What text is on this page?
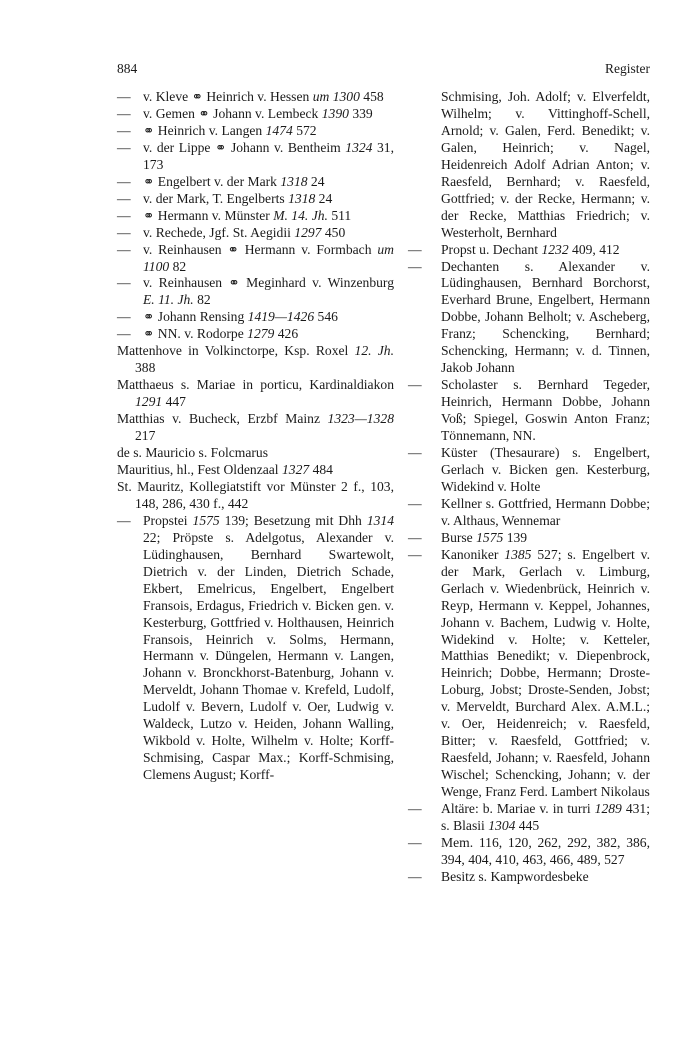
884	Register
— v. Kleve ⚭ Heinrich v. Hessen um 1300 458
— v. Gemen ⚭ Johann v. Lembeck 1390 339
— ⚭ Heinrich v. Langen 1474 572
— v. der Lippe ⚭ Johann v. Bentheim 1324 31, 173
— ⚭ Engelbert v. der Mark 1318 24
— v. der Mark, T. Engelberts 1318 24
— ⚭ Hermann v. Münster M. 14. Jh. 511
— v. Rechede, Jgf. St. Aegidii 1297 450
— v. Reinhausen ⚭ Hermann v. Formbach um 1100 82
— v. Reinhausen ⚭ Meginhard v. Winzenburg E. 11. Jh. 82
— ⚭ Johann Rensing 1419—1426 546
— ⚭ NN. v. Rodorpe 1279 426
Mattenhove in Volkinctorpe, Ksp. Roxel 12. Jh. 388
Matthaeus s. Mariae in porticu, Kardinaldiakon 1291 447
Matthias v. Bucheck, Erzbf Mainz 1323—1328 217
de s. Mauricio s. Folcmarus
Mauritius, hl., Fest Oldenzaal 1327 484
St. Mauritz, Kollegiatstift vor Münster 2 f., 103, 148, 286, 430 f., 442
— Propstei 1575 139; Besetzung mit Dhh 1314 22; Pröpste s. Adelgotus, Alexander v. Lüdinghausen, Bernhard Swartewolt, Dietrich v. der Linden, Dietrich Schade, Ekbert, Emelricus, Engelbert, Engelbert Fransois, Erdagus, Friedrich v. Bicken gen. v. Kesterburg, Gottfried v. Holthausen, Heinrich Fransois, Heinrich v. Solms, Hermann, Hermann v. Düngelen, Hermann v. Langen, Johann v. Bronckhorst-Batenburg, Johann v. Merveldt, Johann Thomae v. Krefeld, Ludolf, Ludolf v. Bevern, Ludolf v. Oer, Ludwig v. Waldeck, Lutzo v. Heiden, Johann Walling, Wikbold v. Holte, Wilhelm v. Holte; Korff-Schmising, Caspar Max.; Korff-Schmising, Clemens August; Korff-
Schmising, Joh. Adolf; v. Elverfeldt, Wilhelm; v. Vittinghoff-Schell, Arnold; v. Galen, Ferd. Benedikt; v. Galen, Heinrich; v. Nagel, Heidenreich Adolf Adrian Anton; v. Raesfeld, Bernhard; v. Raesfeld, Gottfried; v. der Recke, Hermann; v. der Recke, Matthias Friedrich; v. Westerholt, Bernhard
— Propst u. Dechant 1232 409, 412
— Dechanten s. Alexander v. Lüdinghausen, Bernhard Borchorst, Everhard Brune, Engelbert, Hermann Dobbe, Johann Belholt; v. Ascheberg, Franz; Schencking, Bernhard; Schencking, Hermann; v. d. Tinnen, Jakob Johann
— Scholaster s. Bernhard Tegeder, Heinrich, Hermann Dobbe, Johann Voß; Spiegel, Goswin Anton Franz; Tönnemann, NN.
— Küster (Thesaurare) s. Engelbert, Gerlach v. Bicken gen. Kesterburg, Widekind v. Holte
— Kellner s. Gottfried, Hermann Dobbe; v. Althaus, Wennemar
— Burse 1575 139
— Kanoniker 1385 527; s. Engelbert v. der Mark, Gerlach v. Limburg, Gerlach v. Wiedenbrück, Heinrich v. Reyp, Hermann v. Keppel, Johannes, Johann v. Bachem, Ludwig v. Holte, Widekind v. Holte; v. Ketteler, Matthias Benedikt; v. Diepenbrock, Heinrich; Dobbe, Hermann; Droste-Loburg, Jobst; Droste-Senden, Jobst; v. Merveldt, Burchard Alex. A.M.L.; v. Oer, Heidenreich; v. Raesfeld, Bitter; v. Raesfeld, Gottfried; v. Raesfeld, Johann; v. Raesfeld, Johann Wischel; Schencking, Johann; v. der Wenge, Franz Ferd. Lambert Nikolaus
— Altäre: b. Mariae v. in turri 1289 431; s. Blasii 1304 445
— Mem. 116, 120, 262, 292, 382, 386, 394, 404, 410, 463, 466, 489, 527
— Besitz s. Kampwordesbeke
